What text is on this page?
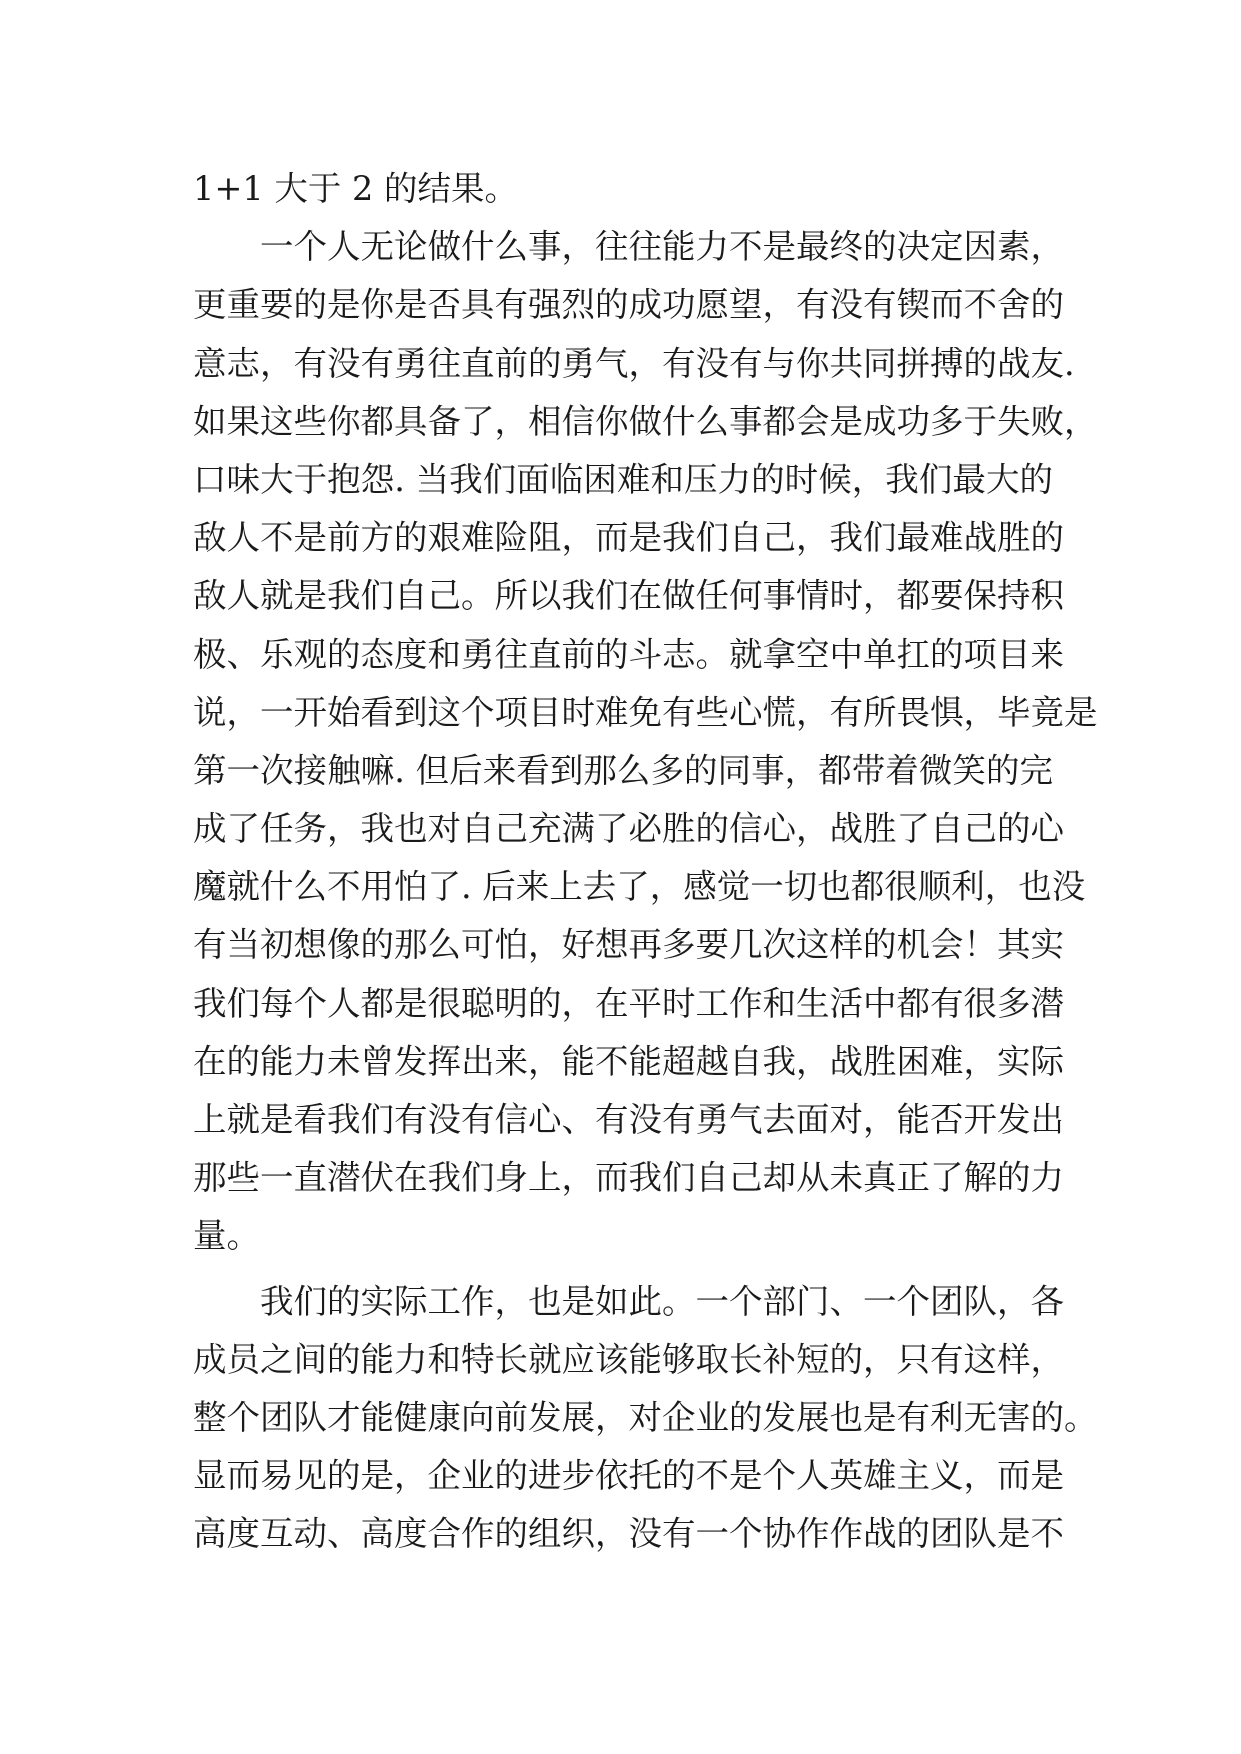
1+1 大于 2 的结果。
一个人无论做什么事，往往能力不是最终的决定因素，
更重要的是你是否具有强烈的成功愿望，有没有锲而不舍的
意志，有没有勇往直前的勇气，有没有与你共同拼搏的战友.
如果这些你都具备了，相信你做什么事都会是成功多于失败，
口味大于抱怨. 当我们面临困难和压力的时候，我们最大的
敌人不是前方的艰难险阻，而是我们自己，我们最难战胜的
敌人就是我们自己。所以我们在做任何事情时，都要保持积
极、乐观的态度和勇往直前的斗志。就拿空中单扛的项目来
说，一开始看到这个项目时难免有些心慌，有所畏惧，毕竟是
第一次接触嘛. 但后来看到那么多的同事，都带着微笑的完
成了任务，我也对自己充满了必胜的信心，战胜了自己的心
魔就什么不用怕了. 后来上去了，感觉一切也都很顺利，也没
有当初想像的那么可怕，好想再多要几次这样的机会！其实
我们每个人都是很聪明的，在平时工作和生活中都有很多潜
在的能力未曾发挥出来，能不能超越自我，战胜困难，实际
上就是看我们有没有信心、有没有勇气去面对，能否开发出
那些一直潜伏在我们身上，而我们自己却从未真正了解的力
量。
我们的实际工作，也是如此。一个部门、一个团队，各
成员之间的能力和特长就应该能够取长补短的，只有这样，
整个团队才能健康向前发展，对企业的发展也是有利无害的。
显而易见的是，企业的进步依托的不是个人英雄主义，而是
高度互动、高度合作的组织，没有一个协作作战的团队是不
